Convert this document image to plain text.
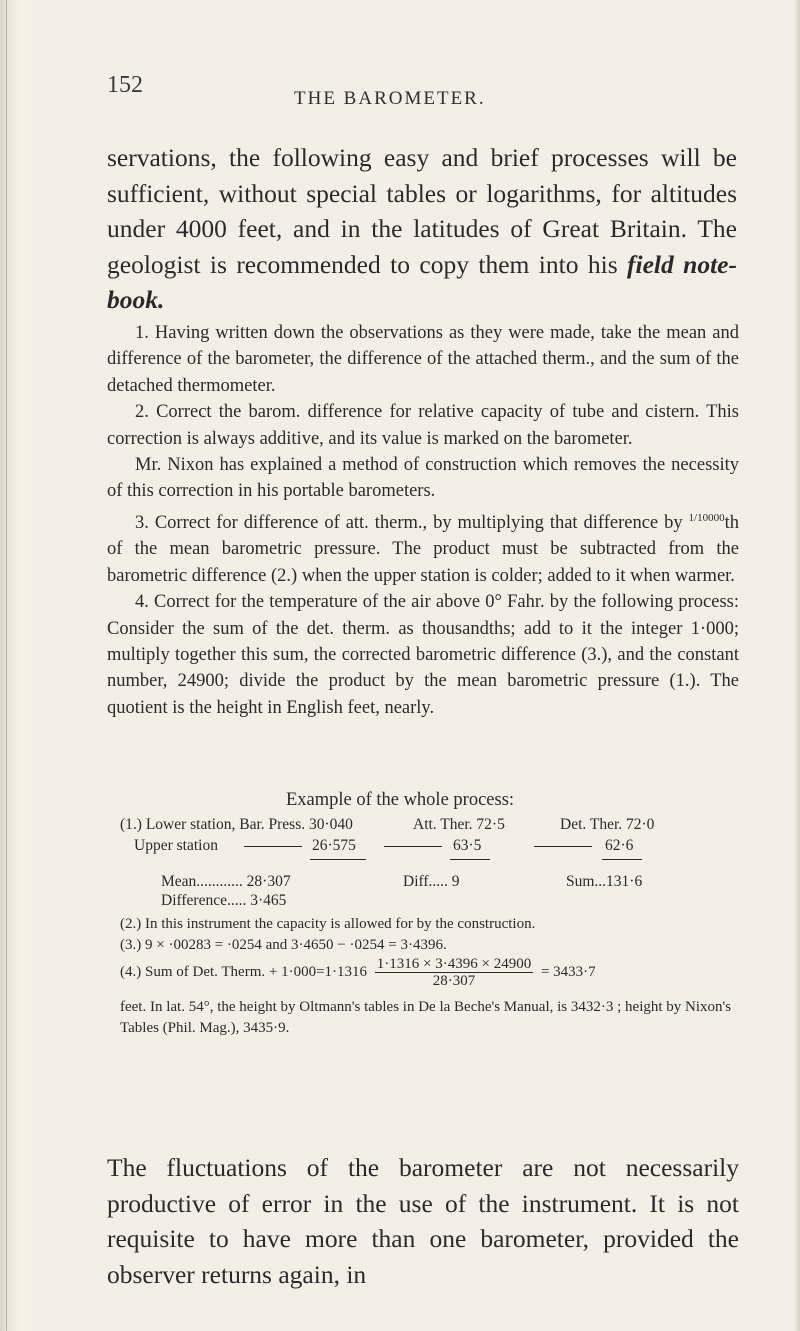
152
THE BAROMETER.

servations, the following easy and brief processes will be sufficient, without special tables or logarithms, for altitudes under 4000 feet, and in the latitudes of Great Britain. The geologist is recommended to copy them into his field note-book.

1. Having written down the observations as they were made, take the mean and difference of the barometer, the difference of the attached therm., and the sum of the detached thermometer.

2. Correct the barom. difference for relative capacity of tube and cistern. This correction is always additive, and its value is marked on the barometer.

Mr. Nixon has explained a method of construction which removes the necessity of this correction in his portable barometers.

3. Correct for difference of att. therm., by multiplying that difference by $^{1/10000}$th of the mean barometric pressure. The product must be subtracted from the barometric difference (2.) when the upper station is colder; added to it when warmer.

4. Correct for the temperature of the air above 0° Fahr. by the following process: Consider the sum of the det. therm. as thousandths; add to it the integer 1·000; multiply together this sum, the corrected barometric difference (3.), and the constant number, 24900; divide the product by the mean barometric pressure (1.). The quotient is the height in English feet, nearly.

Example of the whole process:
(1.) Lower station, Bar. Press. 30·040	Att. Ther. 72·5	Det. Ther. 72·0
Upper station	26·575	63·5	62·6
Mean............ 28·307	Diff..... 9	Sum...131·6
Difference..... 3·465
(2.) In this instrument the capacity is allowed for by the construction.
(3.) 9 × ·00283 = ·0254 and 3·4650 − ·0254 = 3·4396.
(4.) Sum of Det. Therm. + $1\cdot 000=1\cdot 1316 \frac{1\cdot 1316 \times 3\cdot 4396 \times 24900}{28\cdot 307} = 3433\cdot 7$
feet. In lat. 54°, the height by Oltmann's tables in De la Beche's Manual, is 3432·3 ; height by Nixon's Tables (Phil. Mag.), 3435·9.

The fluctuations of the barometer are not necessarily productive of error in the use of the instrument. It is not requisite to have more than one barometer, provided the observer returns again, in
